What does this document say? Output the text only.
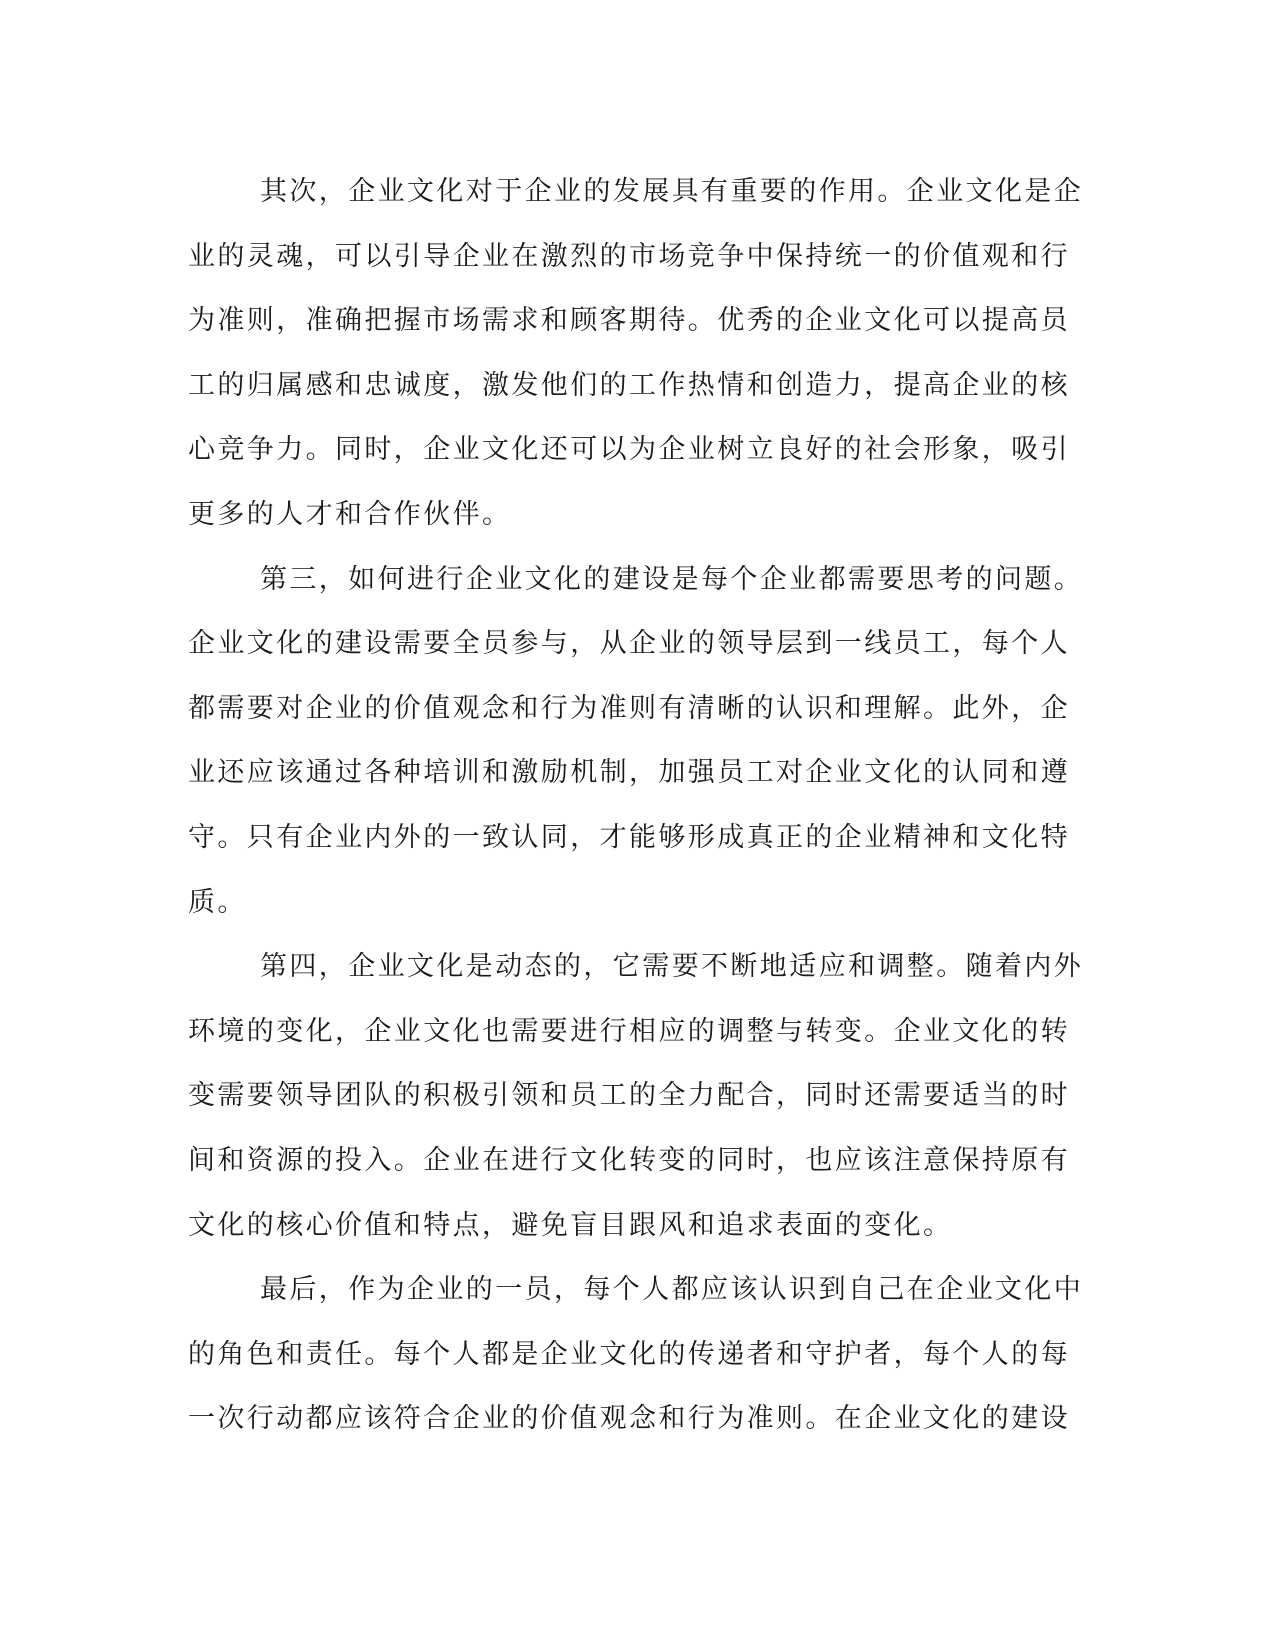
其次，企业文化对于企业的发展具有重要的作用。企业文化是企
业的灵魂，可以引导企业在激烈的市场竞争中保持统一的价值观和行
为准则，准确把握市场需求和顾客期待。优秀的企业文化可以提高员
工的归属感和忠诚度，激发他们的工作热情和创造力，提高企业的核
心竞争力。同时，企业文化还可以为企业树立良好的社会形象，吸引
更多的人才和合作伙伴。
第三，如何进行企业文化的建设是每个企业都需要思考的问题。
企业文化的建设需要全员参与，从企业的领导层到一线员工，每个人
都需要对企业的价值观念和行为准则有清晰的认识和理解。此外，企
业还应该通过各种培训和激励机制，加强员工对企业文化的认同和遵
守。只有企业内外的一致认同，才能够形成真正的企业精神和文化特
质。
第四，企业文化是动态的，它需要不断地适应和调整。随着内外
环境的变化，企业文化也需要进行相应的调整与转变。企业文化的转
变需要领导团队的积极引领和员工的全力配合，同时还需要适当的时
间和资源的投入。企业在进行文化转变的同时，也应该注意保持原有
文化的核心价值和特点，避免盲目跟风和追求表面的变化。
最后，作为企业的一员，每个人都应该认识到自己在企业文化中
的角色和责任。每个人都是企业文化的传递者和守护者，每个人的每
一次行动都应该符合企业的价值观念和行为准则。在企业文化的建设
